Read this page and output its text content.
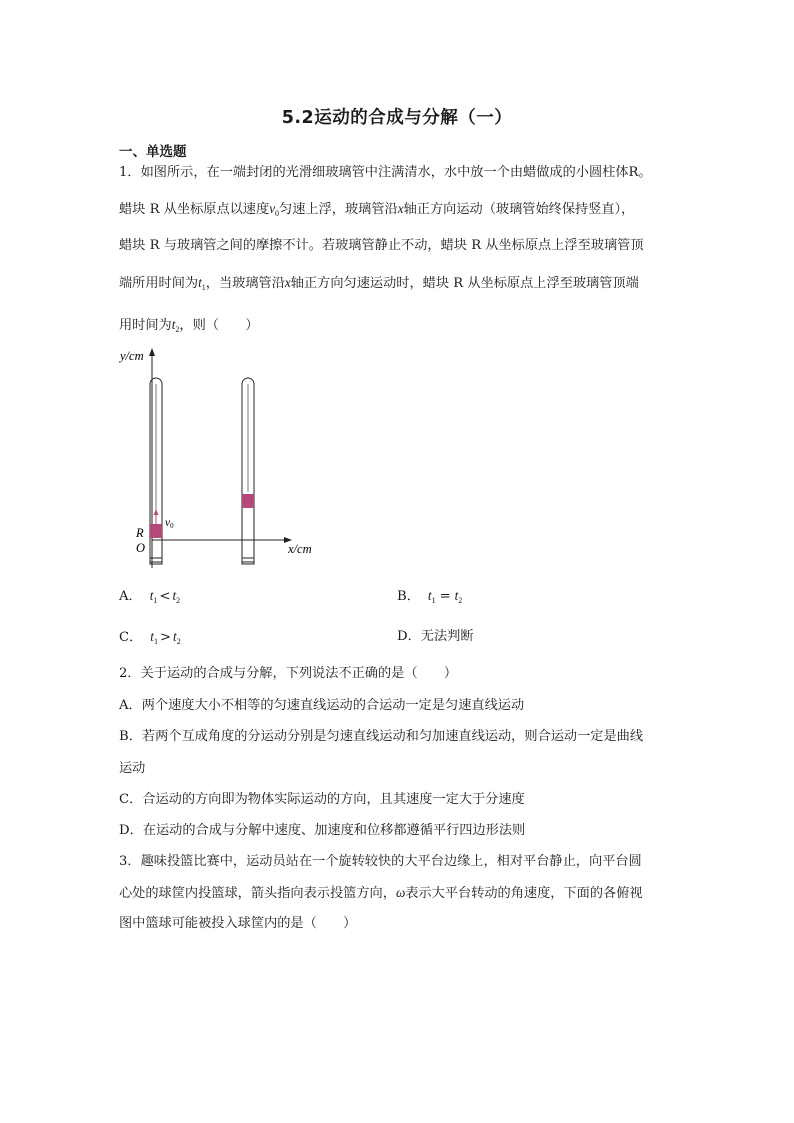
5.2运动的合成与分解（一）
一、单选题
1．如图所示，在一端封闭的光滑细玻璃管中注满清水，水中放一个由蜡做成的小圆柱体R。
蜡块 R 从坐标原点以速度$v_0$匀速上浮，玻璃管沿x轴正方向运动（玻璃管始终保持竖直），
蜡块 R 与玻璃管之间的摩擦不计。若玻璃管静止不动，蜡块 R 从坐标原点上浮至玻璃管顶
端所用时间为$t_1$，当玻璃管沿x轴正方向匀速运动时，蜡块 R 从坐标原点上浮至玻璃管顶端
用时间为$t_2$，则（　　）
y/cm
x/cm
R
O
v0
A． $t_1 < t_2$	B． $t_1 = t_2$
C． $t_1 > t_2$	D．无法判断
2．关于运动的合成与分解，下列说法不正确的是（　　）
A．两个速度大小不相等的匀速直线运动的合运动一定是匀速直线运动
B．若两个互成角度的分运动分别是匀速直线运动和匀加速直线运动，则合运动一定是曲线
运动
C．合运动的方向即为物体实际运动的方向，且其速度一定大于分速度
D．在运动的合成与分解中速度、加速度和位移都遵循平行四边形法则
3．趣味投篮比赛中，运动员站在一个旋转较快的大平台边缘上，相对平台静止，向平台圆
心处的球筐内投篮球，箭头指向表示投篮方向，ω表示大平台转动的角速度，下面的各俯视
图中篮球可能被投入球筐内的是（　　）
